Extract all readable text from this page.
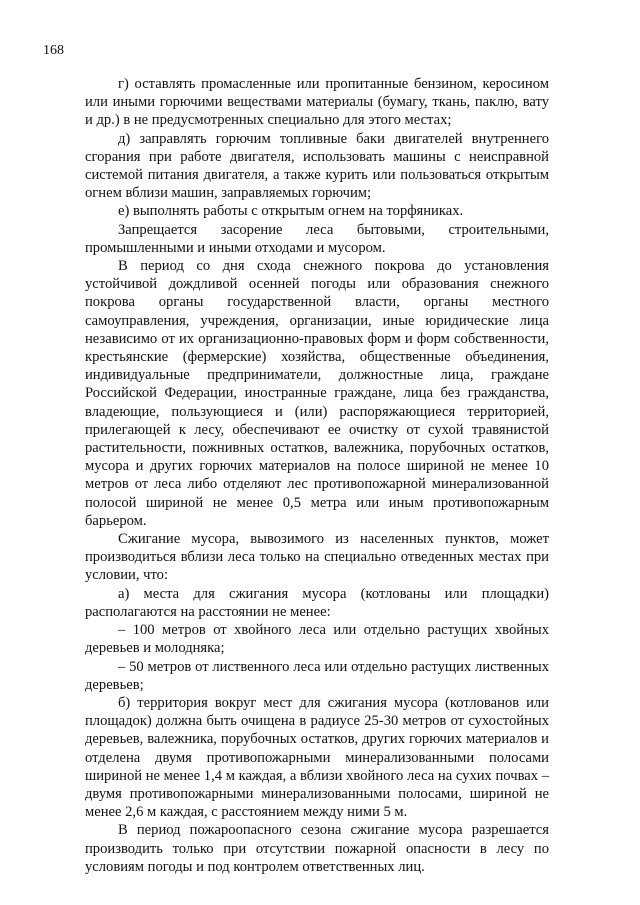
168

г) оставлять промасленные или пропитанные бензином, керосином или иными горючими веществами материалы (бумагу, ткань, паклю, вату и др.) в не предусмотренных специально для этого местах;

д) заправлять горючим топливные баки двигателей внутреннего сгорания при работе двигателя, использовать машины с неисправной системой питания двигателя, а также курить или пользоваться открытым огнем вблизи машин, заправляемых горючим;

е) выполнять работы с открытым огнем на торфяниках.

Запрещается засорение леса бытовыми, строительными, промышленными и иными отходами и мусором.

В период со дня схода снежного покрова до установления устойчивой дождливой осенней погоды или образования снежного покрова органы государственной власти, органы местного самоуправления, учреждения, организации, иные юридические лица независимо от их организационно-правовых форм и форм собственности, крестьянские (фермерские) хозяйства, общественные объединения, индивидуальные предприниматели, должностные лица, граждане Российской Федерации, иностранные граждане, лица без гражданства, владеющие, пользующиеся и (или) распоряжающиеся территорией, прилегающей к лесу, обеспечивают ее очистку от сухой травянистой растительности, пожнивных остатков, валежника, порубочных остатков, мусора и других горючих материалов на полосе шириной не менее 10 метров от леса либо отделяют лес противопожарной минерализованной полосой шириной не менее 0,5 метра или иным противопожарным барьером.

Сжигание мусора, вывозимого из населенных пунктов, может производиться вблизи леса только на специально отведенных местах при условии, что:

а) места для сжигания мусора (котлованы или площадки) располагаются на расстоянии не менее:

– 100 метров от хвойного леса или отдельно растущих хвойных деревьев и молодняка;

– 50 метров от лиственного леса или отдельно растущих лиственных деревьев;

б) территория вокруг мест для сжигания мусора (котлованов или площадок) должна быть очищена в радиусе 25-30 метров от сухостойных деревьев, валежника, порубочных остатков, других горючих материалов и отделена двумя противопожарными минерализованными полосами шириной не менее 1,4 м каждая, а вблизи хвойного леса на сухих почвах – двумя противопожарными минерализованными полосами, шириной не менее 2,6 м каждая, с расстоянием между ними 5 м.

В период пожароопасного сезона сжигание мусора разрешается производить только при отсутствии пожарной опасности в лесу по условиям погоды и под контролем ответственных лиц.
